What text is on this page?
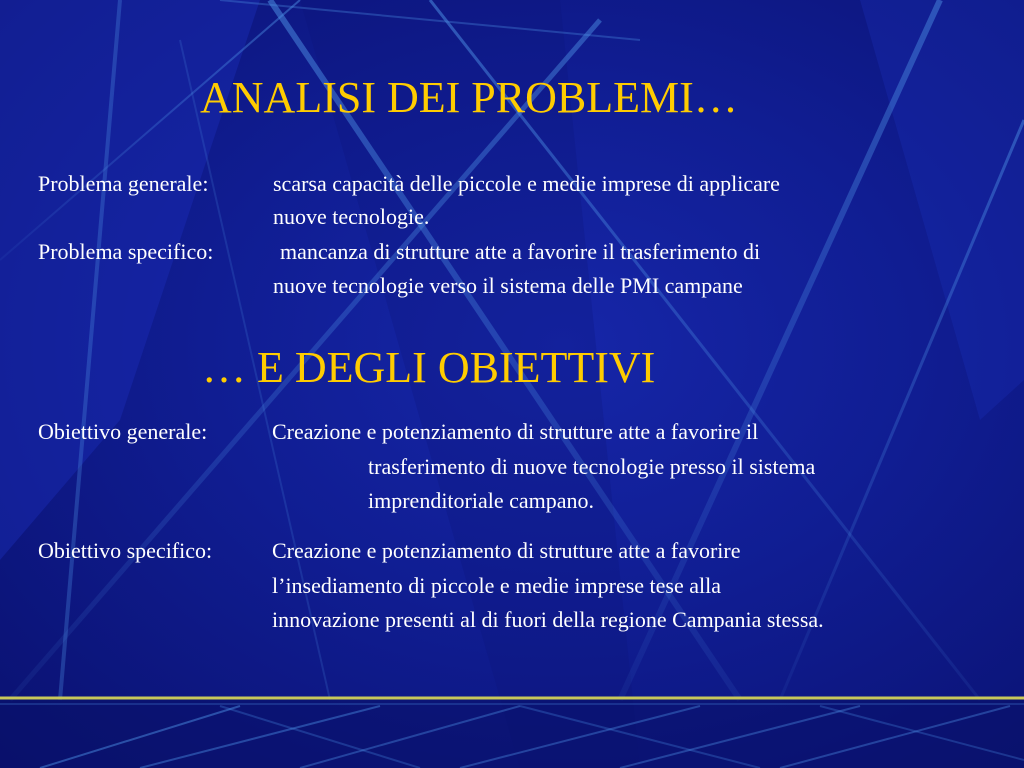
ANALISI DEI PROBLEMI…
Problema generale:	scarsa capacità delle piccole e medie imprese di applicare
nuove tecnologie.
Problema specifico:	mancanza di strutture atte a favorire il trasferimento di
nuove tecnologie verso il sistema delle PMI campane
… E DEGLI OBIETTIVI
Obiettivo generale:	Creazione e potenziamento di strutture atte a favorire il
trasferimento di nuove tecnologie presso il sistema
imprenditoriale campano.
Obiettivo specifico:	Creazione e potenziamento di strutture atte a favorire
l’insediamento di piccole e medie imprese tese alla
innovazione presenti al di fuori della regione Campania stessa.
